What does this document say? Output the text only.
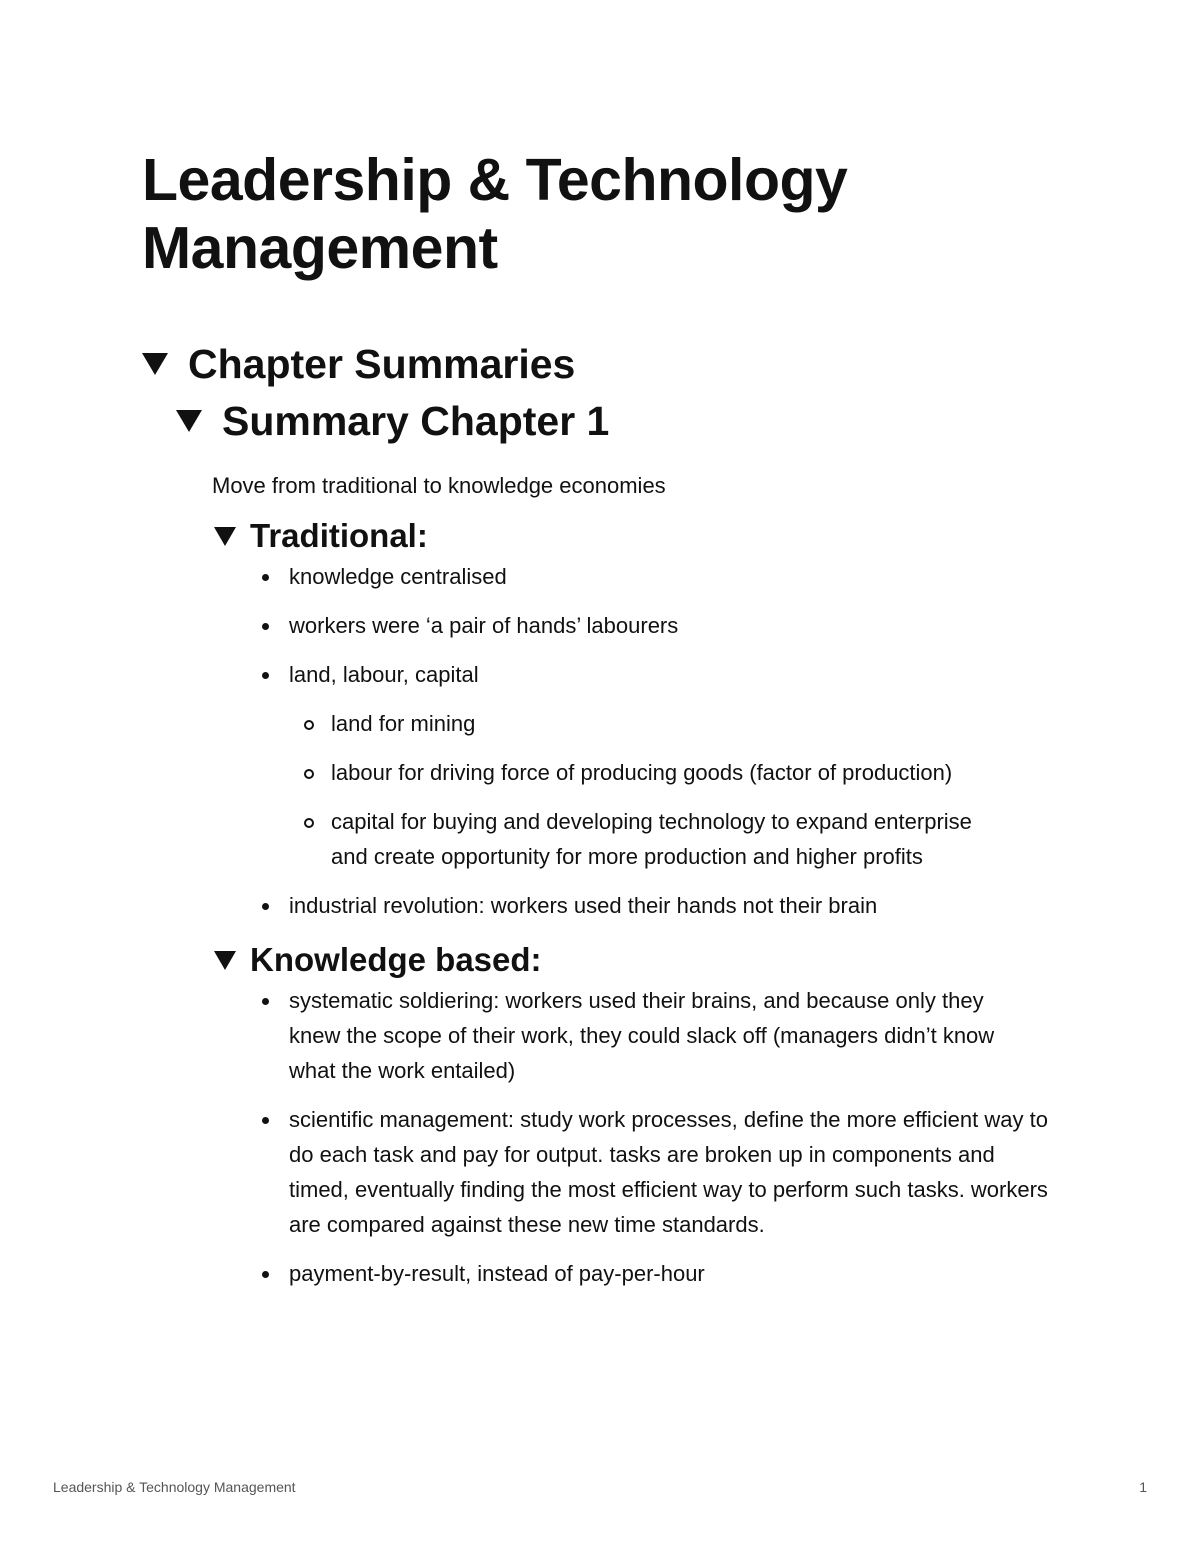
Leadership & Technology
Management
Chapter Summaries
Summary Chapter 1
Move from traditional to knowledge economies
Traditional:
knowledge centralised
workers were ‘a pair of hands’ labourers
land, labour, capital
land for mining
labour for driving force of producing goods (factor of production)
capital for buying and developing technology to expand enterprise and create opportunity for more production and higher profits
industrial revolution: workers used their hands not their brain
Knowledge based:
systematic soldiering: workers used their brains, and because only they knew the scope of their work, they could slack off (managers didn’t know what the work entailed)
scientific management: study work processes, define the more efficient way to do each task and pay for output. tasks are broken up in components and timed, eventually finding the most efficient way to perform such tasks. workers are compared against these new time standards.
payment-by-result, instead of pay-per-hour
Leadership & Technology Management	1
